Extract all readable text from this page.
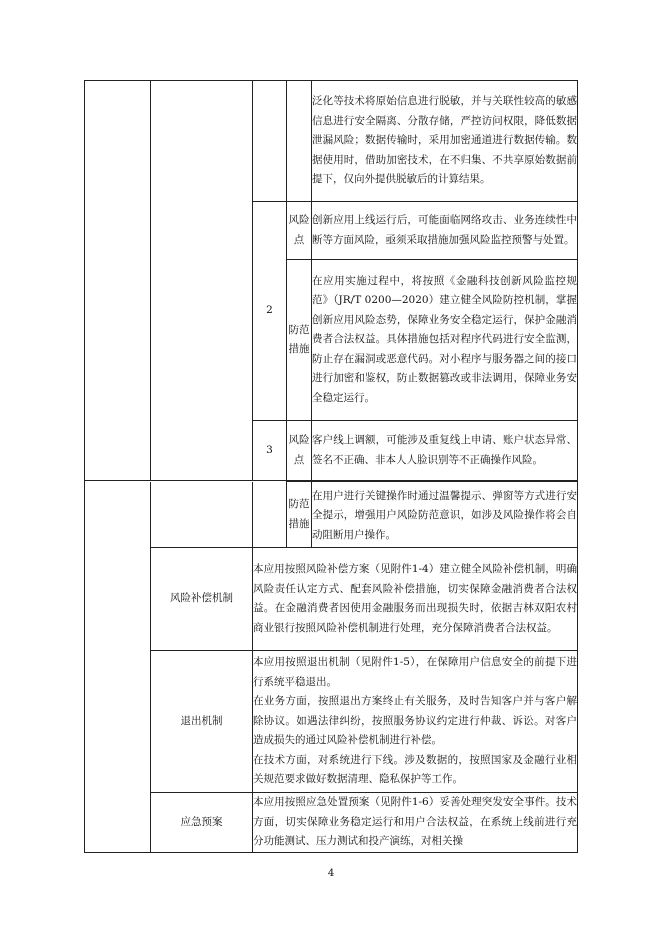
				泛化等技术将原始信息进行脱敏，并与关联性较高的敏感信息进行安全隔离、分散存储，严控访问权限，降低数据泄漏风险；数据传输时，采用加密通道进行数据传输。数据使用时，借助加密技术，在不归集、不共享原始数据前提下，仅向外提供脱敏后的计算结果。
		2	风险点	创新应用上线运行后，可能面临网络攻击、业务连续性中断等方面风险，亟须采取措施加强风险监控预警与处置。
			防范措施	在应用实施过程中，将按照《金融科技创新风险监控规范》（JR/T 0200—2020）建立健全风险防控机制，掌握创新应用风险态势，保障业务安全稳定运行，保护金融消费者合法权益。具体措施包括对程序代码进行安全监测，防止存在漏洞或恶意代码。对小程序与服务器之间的接口进行加密和鉴权，防止数据篡改或非法调用，保障业务安全稳定运行。
		3	风险点	客户线上调额，可能涉及重复线上申请、账户状态异常、签名不正确、非本人人脸识别等不正确操作风险。

			防范措施	在用户进行关键操作时通过温馨提示、弹窗等方式进行安全提示，增强用户风险防范意识，如涉及风险操作将会自动阻断用户操作。
	风险补偿机制	本应用按照风险补偿方案（见附件1-4）建立健全风险补偿机制，明确风险责任认定方式、配套风险补偿措施，切实保障金融消费者合法权益。在金融消费者因使用金融服务而出现损失时，依据吉林双阳农村商业银行按照风险补偿机制进行处理，充分保障消费者合法权益。		
	退出机制	本应用按照退出机制（见附件1-5），在保障用户信息安全的前提下进行系统平稳退出。
在业务方面，按照退出方案终止有关服务，及时告知客户并与客户解除协议。如遇法律纠纷，按照服务协议约定进行仲裁、诉讼。对客户造成损失的通过风险补偿机制进行补偿。
在技术方面，对系统进行下线。涉及数据的，按照国家及金融行业相关规范要求做好数据清理、隐私保护等工作。		

	应急预案	本应用按照应急处置预案（见附件1-6）妥善处理突发安全事件。技术方面，切实保障业务稳定运行和用户合法权益，在系统上线前进行充分功能测试、压力测试和投产演练，对相关操		
4
